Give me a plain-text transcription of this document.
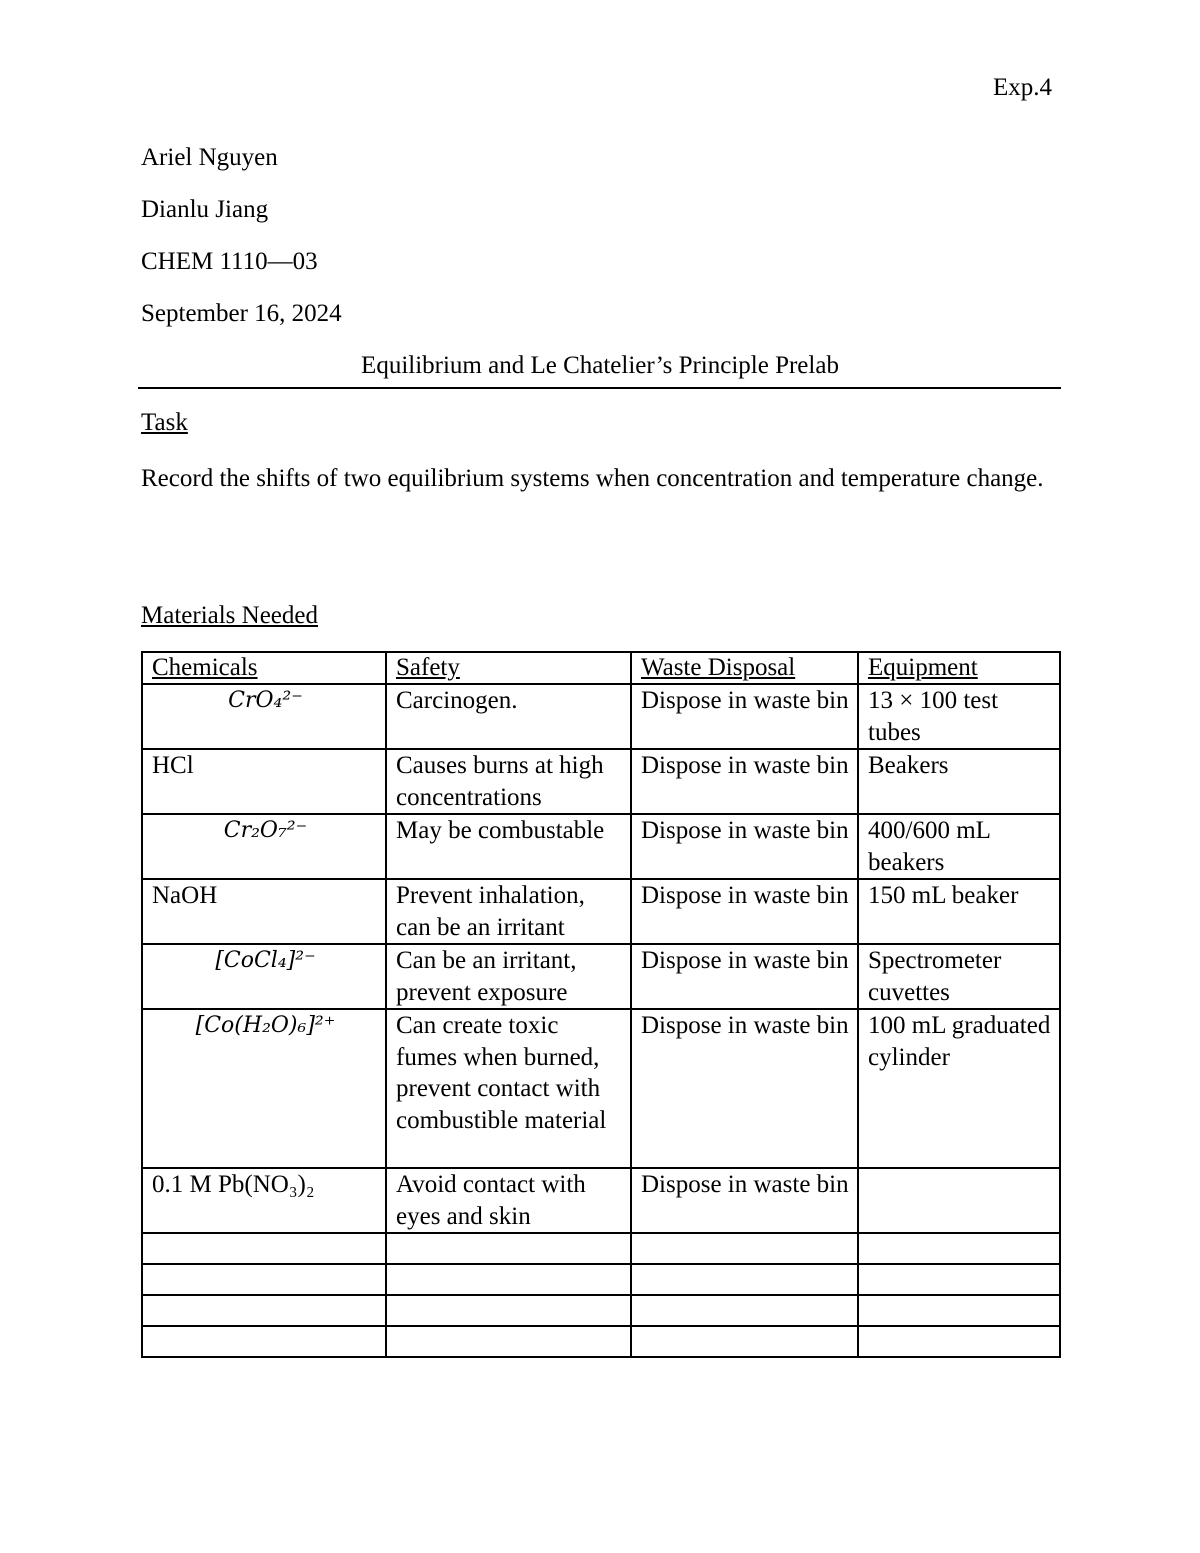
Exp.4
Ariel Nguyen
Dianlu Jiang
CHEM 1110—03
September 16, 2024
Equilibrium and Le Chatelier’s Principle Prelab
Task
Record the shifts of two equilibrium systems when concentration and temperature change.
Materials Needed
Chemicals	Safety	Waste Disposal	Equipment
CrO₄²⁻	Carcinogen.	Dispose in waste bin	13 × 100 test tubes
HCl	Causes burns at high concentrations	Dispose in waste bin	Beakers
Cr₂O₇²⁻	May be combustable	Dispose in waste bin	400/600 mL beakers
NaOH	Prevent inhalation, can be an irritant	Dispose in waste bin	150 mL beaker
[CoCl₄]²⁻	Can be an irritant, prevent exposure	Dispose in waste bin	Spectrometer cuvettes
[Co(H₂O)₆]²⁺	Can create toxic fumes when burned, prevent contact with combustible material	Dispose in waste bin	100 mL graduated cylinder
0.1 M Pb(NO₃)₂	Avoid contact with eyes and skin	Dispose in waste bin	
